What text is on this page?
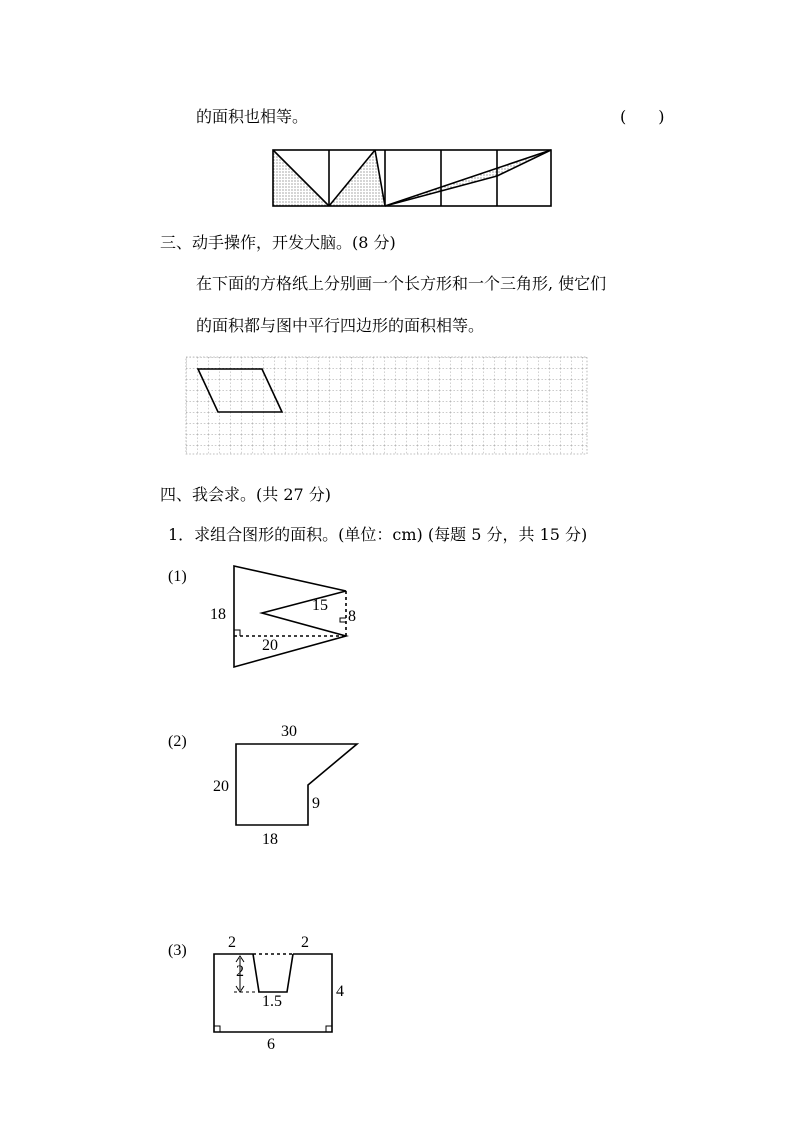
的面积也相等。	(　　)
三、动手操作，开发大脑。(8 分)
在下面的方格纸上分别画一个长方形和一个三角形, 使它们
的面积都与图中平行四边形的面积相等。
四、我会求。(共 27 分)
1．求组合图形的面积。(单位：cm) (每题 5 分，共 15 分)
(1)
18
15
8
20
(2)
30
20
9
18
(3)	2	2
2
1.5
4
6
